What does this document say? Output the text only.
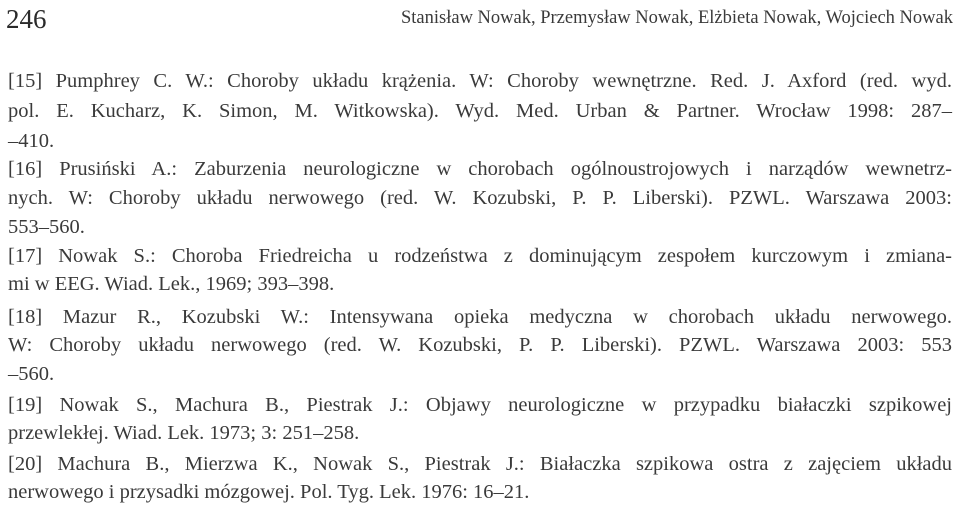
246	Stanisław Nowak, Przemysław Nowak, Elżbieta Nowak, Wojciech Nowak
[15] Pumphrey C. W.: Choroby układu krążenia. W: Choroby wewnętrzne. Red. J. Axford (red. wyd.
pol. E. Kucharz, K. Simon, M. Witkowska). Wyd. Med. Urban & Partner. Wrocław 1998: 287–
–410.
[16] Prusiński A.: Zaburzenia neurologiczne w chorobach ogólnoustrojowych i narządów wewnetrz-
nych. W: Choroby układu nerwowego (red. W. Kozubski, P. P. Liberski). PZWL. Warszawa 2003:
553–560.
[17] Nowak S.: Choroba Friedreicha u rodzeństwa z dominującym zespołem kurczowym i zmiana-
mi w EEG. Wiad. Lek., 1969; 393–398.
[18] Mazur R., Kozubski W.: Intensywana opieka medyczna w chorobach układu nerwowego.
W: Choroby układu nerwowego (red. W. Kozubski, P. P. Liberski). PZWL. Warszawa 2003: 553
–560.
[19] Nowak S., Machura B., Piestrak J.: Objawy neurologiczne w przypadku białaczki szpikowej
przewlekłej. Wiad. Lek. 1973; 3: 251–258.
[20] Machura B., Mierzwa K., Nowak S., Piestrak J.: Białaczka szpikowa ostra z zajęciem układu
nerwowego i przysadki mózgowej. Pol. Tyg. Lek. 1976: 16–21.
